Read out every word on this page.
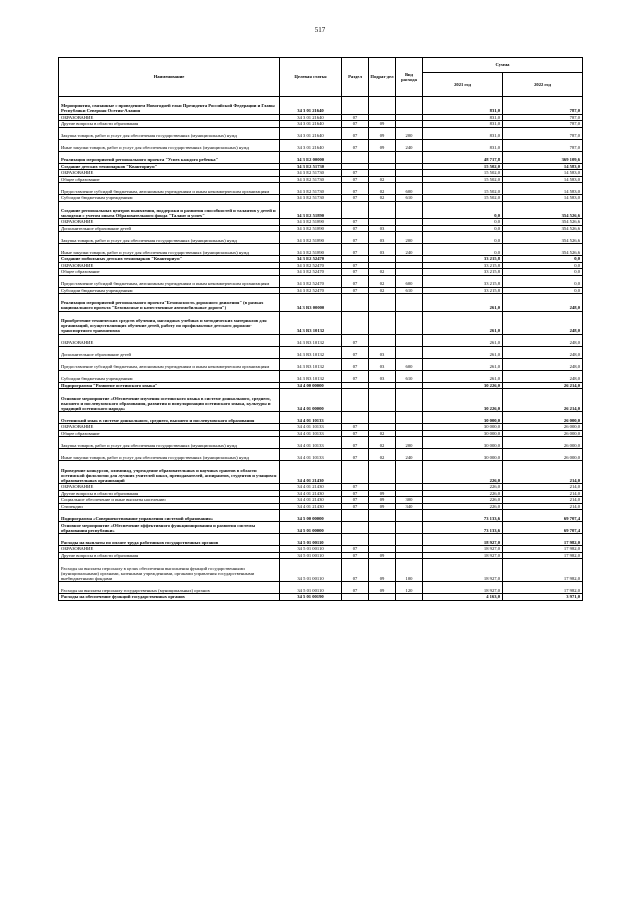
517
Наименование	Целевая статья	Раздел	Подраз-дел	Вид расхода	Сумма	
					2021 год	2022 год
Мероприятия, связанные с проведением Новогодней елки Президента Российской Федерации и Главы Республики Северная Осетия-Алания	34 3 01 21640				831,0	787,0
ОБРАЗОВАНИЕ	34 3 01 21640	07			831,0	787,0
Другие вопросы в области образования	34 3 01 21640	07	09		831,0	787,0
Закупка товаров, работ и услуг для обеспечения государственных (муниципальных) нужд	34 3 01 21640	07	09	200	831,0	787,0
Иные закупки товаров, работ и услуг для обеспечения государственных (муниципальных) нужд	34 3 01 21640	07	09	240	831,0	787,0
Реализация мероприятий регионального проекта "Успех каждого ребенка"	34 3 E2 00000				48 717,8	369 109,6
Создание детских технопарков "Кванториум"	34 3 E2 51730				15 502,0	14 583,0
ОБРАЗОВАНИЕ	34 3 E2 51730	07			15 502,0	14 583,0
Общее образование	34 3 E2 51730	07	02		15 502,0	14 583,0
Предоставление субсидий бюджетным, автономным учреждениям и иным некоммерческим организациям	34 3 E2 51730	07	02	600	15 502,0	14 583,0
Субсидии бюджетным учреждениям	34 3 E2 51730	07	02	610	15 502,0	14 583,0
Создание региональных центров выявления, поддержки и развития способностей и талантов у детей и молодежи с учетом опыта Образовательного фонда "Талант и успех"	34 3 E2 51890				0,0	354 526,6
ОБРАЗОВАНИЕ	34 3 E2 51890	07			0,0	354 526,6
Дополнительное образование детей	34 3 E2 51890	07	03		0,0	354 526,6
Закупка товаров, работ и услуг для обеспечения государственных (муниципальных) нужд	34 3 E2 51890	07	03	200	0,0	354 526,6
Иные закупки товаров, работ и услуг для обеспечения государственных (муниципальных) нужд	34 3 E2 51890	07	03	240	0,0	354 526,6
Создание мобильных детских технопарков "Кванториум"	34 3 E2 52470				33 215,8	0,0
ОБРАЗОВАНИЕ	34 3 E2 52470	07			33 215,8	0,0
Общее образование	34 3 E2 52470	07	02		33 215,8	0,0
Предоставление субсидий бюджетным, автономным учреждениям и иным некоммерческим организациям	34 3 E2 52470	07	02	600	33 215,8	0,0
Субсидии бюджетным учреждениям	34 3 E2 52470	07	02	610	33 215,8	0,0
Реализация мероприятий регионального проекта"Безопасность дорожного движения" (в рамках национального проекта "Безопасные и качественные автомобильные дороги")	34 3 R3 00000				261,0	248,0
Приобретение технических средств обучения, наглядных учебных и методических материалов для организаций, осуществляющих обучение детей, работу по профилактике детского дорожно-транспортного травматизма	34 3 R3 10132				261,0	248,0
ОБРАЗОВАНИЕ	34 3 R3 10132	07			261,0	248,0
Дополнительное образование детей	34 3 R3 10132	07	03		261,0	248,0
Предоставление субсидий бюджетным, автономным учреждениям и иным некоммерческим организациям	34 3 R3 10132	07	03	600	261,0	248,0
Субсидии бюджетным учреждениям	34 3 R3 10132	07	03	610	261,0	248,0
Подпрограмма "Развитие осетинского языка"	34 4 00 00000				30 226,0	26 214,0
Основное мероприятие «Обеспечение изучения осетинского языка в системе дошкольного, среднего, высшего и послевузовского образования, развития и популяризации осетинского языка, культуры и традиций осетинского народа»	34 4 01 00000				30 226,0	26 214,0
Осетинский язык в системе дошкольного, среднего, высшего и послевузовского образования	34 4 01 10133				30 000,0	26 000,0
ОБРАЗОВАНИЕ	34 4 01 10133	07			30 000,0	26 000,0
Общее образование	34 4 01 10133	07	02		30 000,0	26 000,0
Закупка товаров, работ и услуг для обеспечения государственных (муниципальных) нужд	34 4 01 10133	07	02	200	30 000,0	26 000,0
Иные закупки товаров, работ и услуг для обеспечения государственных (муниципальных) нужд	34 4 01 10133	07	02	240	30 000,0	26 000,0
Проведение конкурсов, олимпиад, учреждение образовательных и научных грантов в области осетинской филологии для лучших учителей школ, преподавателей, аспирантов, студентов и учащихся образовательных организаций	34 4 01 21430				226,0	214,0
ОБРАЗОВАНИЕ	34 4 01 21430	07			226,0	214,0
Другие вопросы в области образования	34 4 01 21430	07	09		226,0	214,0
Социальное обеспечение и иные выплаты населению	34 4 01 21430	07	09	300	226,0	214,0
Стипендии	34 4 01 21430	07	09	340	226,0	214,0
Подпрограмма «Совершенствование управления системой образования»	34 5 00 00000				73 133,6	69 707,4
Основное мероприятие «Обеспечение эффективного функционирования и развития системы образования республики»	34 5 01 00000				73 133,6	69 707,4
Расходы на выплаты по оплате труда работников государственных органов	34 5 01 00110				18 927,0	17 982,0
ОБРАЗОВАНИЕ	34 5 01 00110	07			18 927,0	17 982,0
Другие вопросы в области образования	34 5 01 00110	07	09		18 927,0	17 982,0
Расходы на выплаты персоналу в целях обеспечения выполнения функций государственными (муниципальными) органами, казенными учреждениями, органами управления государственными внебюджетными фондами	34 5 01 00110	07	09	100	18 927,0	17 982,0
Расходы на выплаты персоналу государственных (муниципальных) органов	34 5 01 00110	07	09	120	18 927,0	17 982,0
Расходы на обеспечение функций государственных органов	34 5 01 00190				4 163,0	3 971,0
